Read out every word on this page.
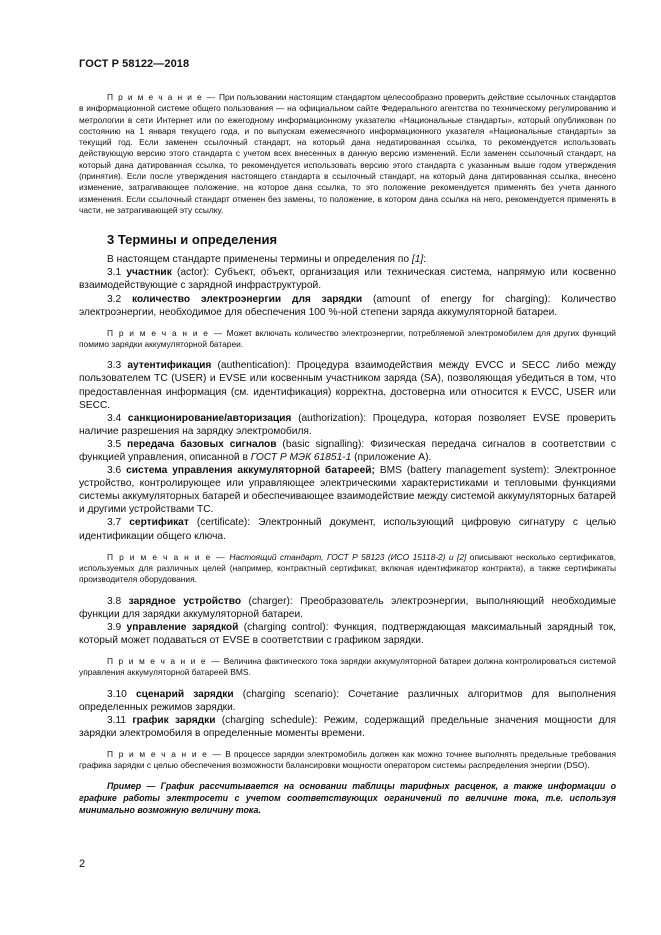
ГОСТ Р 58122—2018

П р и м е ч а н и е — При пользовании настоящим стандартом целесообразно проверить действие ссылочных стандартов в информационной системе общего пользования — на официальном сайте Федерального агентства по техническому регулированию и метрологии в сети Интернет или по ежегодному информационному указателю «Национальные стандарты», который опубликован по состоянию на 1 января текущего года, и по выпускам ежемесячного информационного указателя «Национальные стандарты» за текущий год. Если заменен ссылочный стандарт, на который дана недатированная ссылка, то рекомендуется использовать действующую версию этого стандарта с учетом всех внесенных в данную версию изменений. Если заменен ссылочный стандарт, на который дана датированная ссылка, то рекомендуется использовать версию этого стандарта с указанным выше годом утверждения (принятия). Если после утверждения настоящего стандарта в ссылочный стандарт, на который дана датированная ссылка, внесено изменение, затрагивающее положение, на которое дана ссылка, то это положение рекомендуется применять без учета данного изменения. Если ссылочный стандарт отменен без замены, то положение, в котором дана ссылка на него, рекомендуется применять в части, не затрагивающей эту ссылку.

3 Термины и определения

В настоящем стандарте применены термины и определения по [1]:

3.1 участник (actor): Субъект, объект, организация или техническая система, напрямую или косвенно взаимодействующие с зарядной инфраструктурой.

3.2 количество электроэнергии для зарядки (amount of energy for charging): Количество электроэнергии, необходимое для обеспечения 100 %-ной степени заряда аккумуляторной батареи.

П р и м е ч а н и е — Может включать количество электроэнергии, потребляемой электромобилем для других функций помимо зарядки аккумуляторной батареи.

3.3 аутентификация (authentication): Процедура взаимодействия между EVCC и SECC либо между пользователем ТС (USER) и EVSE или косвенным участником заряда (SA), позволяющая убедиться в том, что предоставленная информация (см. идентификация) корректна, достоверна или относится к EVCC, USER или SECC.

3.4 санкционирование/авторизация (authorization): Процедура, которая позволяет EVSE проверить наличие разрешения на зарядку электромобиля.

3.5 передача базовых сигналов (basic signalling): Физическая передача сигналов в соответствии с функцией управления, описанной в ГОСТ Р МЭК 61851-1 (приложение А).

3.6 система управления аккумуляторной батареей; BMS (battery management system): Электронное устройство, контролирующее или управляющее электрическими характеристиками и тепловыми функциями системы аккумуляторных батарей и обеспечивающее взаимодействие между системой аккумуляторных батарей и другими устройствами ТС.

3.7 сертификат (certificate): Электронный документ, использующий цифровую сигнатуру с целью идентификации общего ключа.

П р и м е ч а н и е — Настоящий стандарт, ГОСТ Р 58123 (ИСО 15118-2) и [2] описывают несколько сертификатов, используемых для различных целей (например, контрактный сертификат, включая идентификатор контракта), а также сертификаты производителя оборудования.

3.8 зарядное устройство (charger): Преобразователь электроэнергии, выполняющий необходимые функции для зарядки аккумуляторной батареи.

3.9 управление зарядкой (charging control): Функция, подтверждающая максимальный зарядный ток, который может подаваться от EVSE в соответствии с графиком зарядки.

П р и м е ч а н и е — Величина фактического тока зарядки аккумуляторной батареи должна контролироваться системой управления аккумуляторной батареей BMS.

3.10 сценарий зарядки (charging scenario): Сочетание различных алгоритмов для выполнения определенных режимов зарядки.

3.11 график зарядки (charging schedule): Режим, содержащий предельные значения мощности для зарядки электромобиля в определенные моменты времени.

П р и м е ч а н и е — В процессе зарядки электромобиль должен как можно точнее выполнять предельные требования графика зарядки с целью обеспечения возможности балансировки мощности оператором системы распределения энергии (DSO).

Пример — График рассчитывается на основании таблицы тарифных расценок, а также информации о графике работы электросети с учетом соответствующих ограничений по величине тока, т.е. используя минимально возможную величину тока.

2
